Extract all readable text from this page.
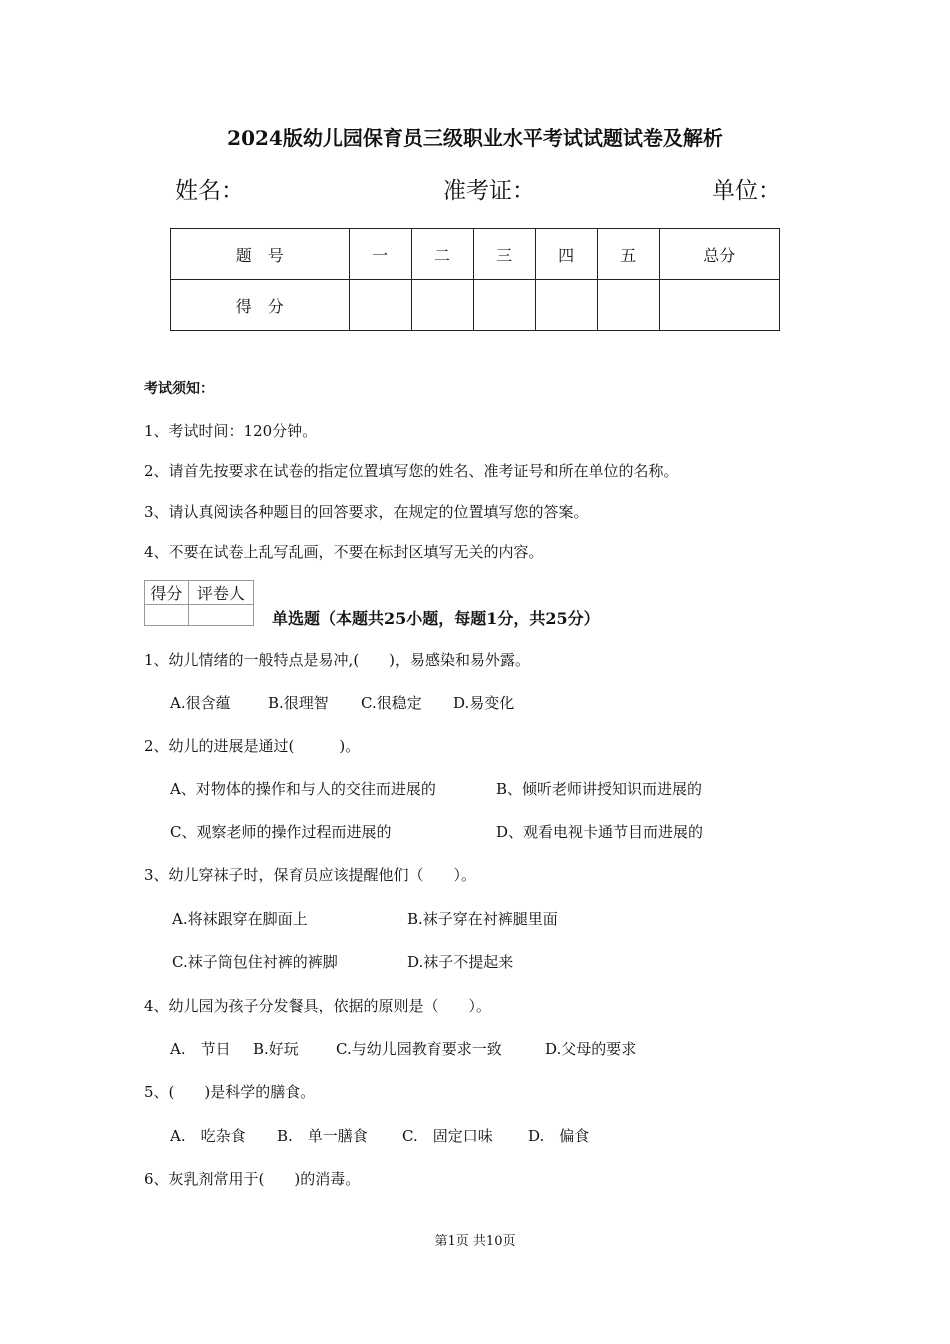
2024版幼儿园保育员三级职业水平考试试题试卷及解析
姓名：	准考证：	单位：
题　号	一	二	三	四	五	总分
得　分						
考试须知：
1、考试时间：120分钟。
2、请首先按要求在试卷的指定位置填写您的姓名、准考证号和所在单位的名称。
3、请认真阅读各种题目的回答要求，在规定的位置填写您的答案。
4、不要在试卷上乱写乱画，不要在标封区填写无关的内容。
得分	评卷人

单选题（本题共25小题，每题1分，共25分）
1、幼儿情绪的一般特点是易冲,(　　)，易感染和易外露。
A.很含蕴 B.很理智 C.很稳定 D.易变化
2、幼儿的进展是通过(　　　)。
A、对物体的操作和与人的交往而进展的	B、倾听老师讲授知识而进展的
C、观察老师的操作过程而进展的	D、观看电视卡通节目而进展的
3、幼儿穿袜子时，保育员应该提醒他们（　　）。
A.将袜跟穿在脚面上	B.袜子穿在衬裤腿里面
C.袜子筒包住衬裤的裤脚	D.袜子不提起来
4、幼儿园为孩子分发餐具，依据的原则是（　　）。
A.　节日 B.好玩 C.与幼儿园教育要求一致	D.父母的要求
5、(　　)是科学的膳食。
A.　吃杂食 B.　单一膳食 C.　固定口味 D.　偏食
6、灰乳剂常用于(　　)的消毒。
第1页 共10页
